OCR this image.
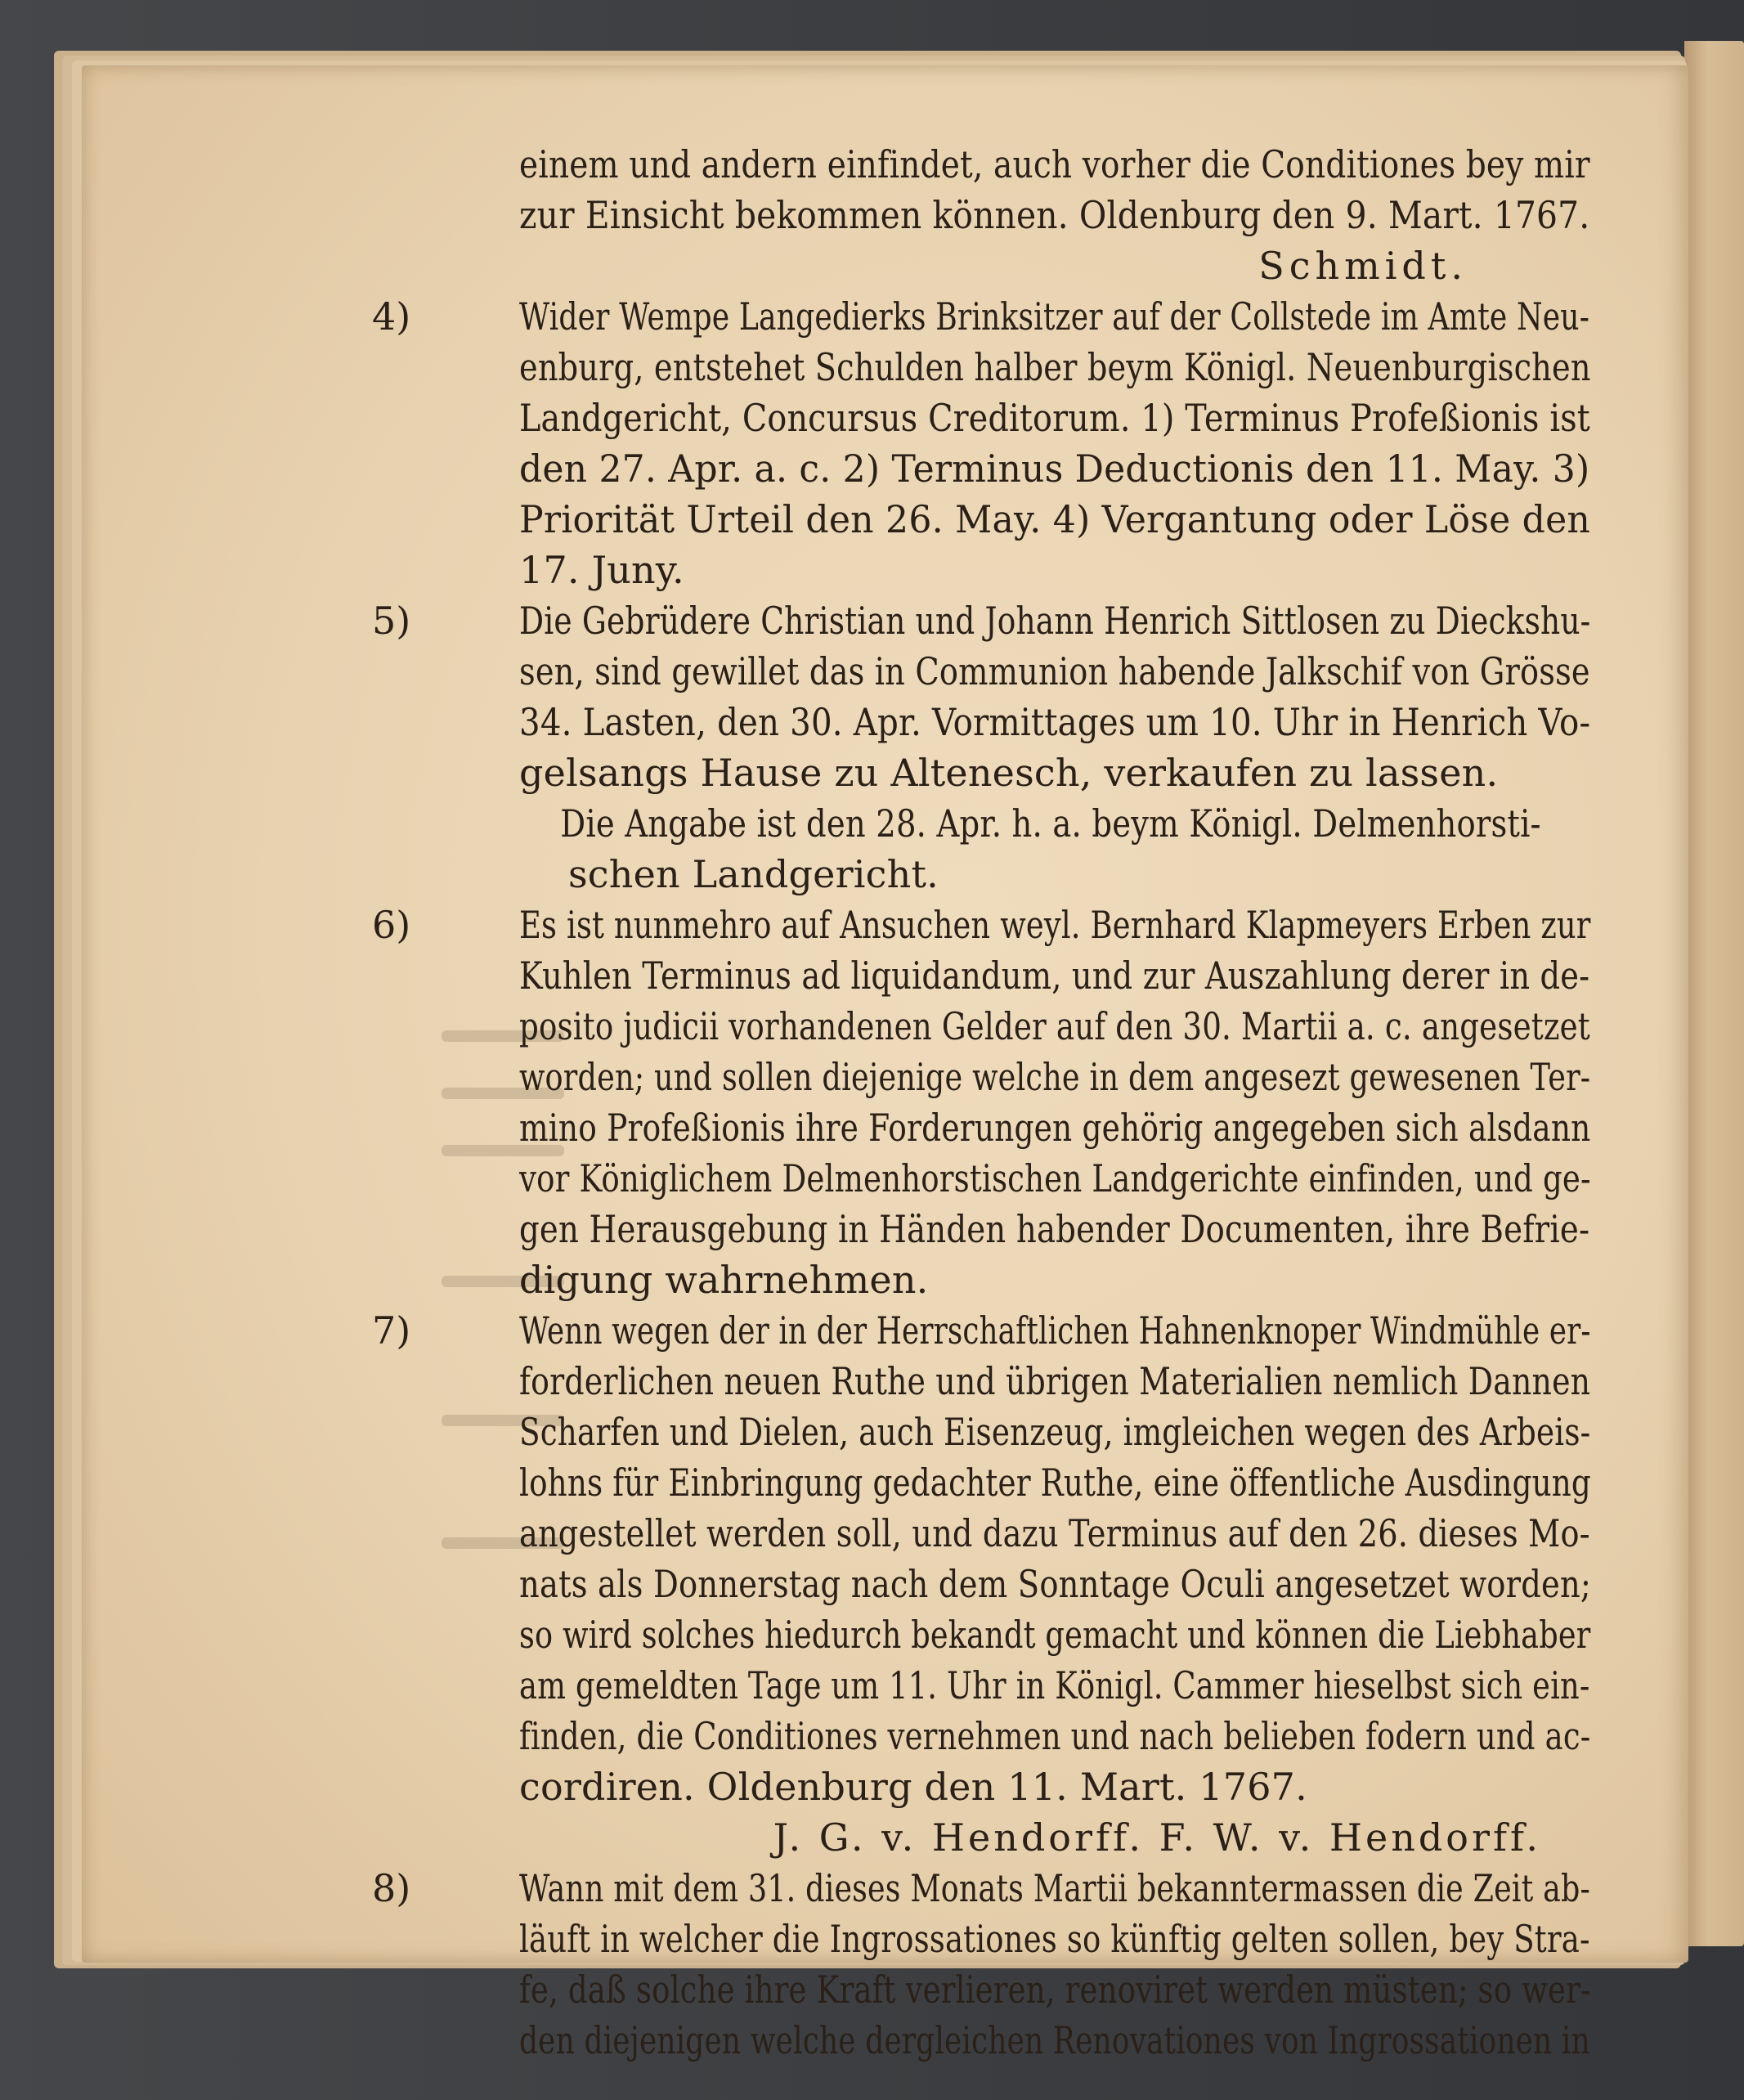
einem und andern einfindet, auch vorher die Conditiones bey mir
zur Einsicht bekommen können. Oldenburg den 9. Mart. 1767.
Schmidt.
4)	Wider Wempe Langedierks Brinksitzer auf der Collstede im Amte Neu-
enburg, entstehet Schulden halber beym Königl. Neuenburgischen
Landgericht, Concursus Creditorum. 1) Terminus Profeßionis ist
den 27. Apr. a. c. 2) Terminus Deductionis den 11. May. 3)
Priorität Urteil den 26. May. 4) Vergantung oder Löse den
17. Juny.
5)	Die Gebrüdere Christian und Johann Henrich Sittlosen zu Dieckshu-
sen, sind gewillet das in Communion habende Jalkschif von Grösse
34. Lasten, den 30. Apr. Vormittages um 10. Uhr in Henrich Vo-
gelsangs Hause zu Altenesch, verkaufen zu lassen.
Die Angabe ist den 28. Apr. h. a. beym Königl. Delmenhorsti-
schen Landgericht.
6)	Es ist nunmehro auf Ansuchen weyl. Bernhard Klapmeyers Erben zur
Kuhlen Terminus ad liquidandum, und zur Auszahlung derer in de-
posito judicii vorhandenen Gelder auf den 30. Martii a. c. angesetzet
worden; und sollen diejenige welche in dem angesezt gewesenen Ter-
mino Profeßionis ihre Forderungen gehörig angegeben sich alsdann
vor Königlichem Delmenhorstischen Landgerichte einfinden, und ge-
gen Herausgebung in Händen habender Documenten, ihre Befrie-
digung wahrnehmen.
7)	Wenn wegen der in der Herrschaftlichen Hahnenknoper Windmühle er-
forderlichen neuen Ruthe und übrigen Materialien nemlich Dannen
Scharfen und Dielen, auch Eisenzeug, imgleichen wegen des Arbeis-
lohns für Einbringung gedachter Ruthe, eine öffentliche Ausdingung
angestellet werden soll, und dazu Terminus auf den 26. dieses Mo-
nats als Donnerstag nach dem Sonntage Oculi angesetzet worden;
so wird solches hiedurch bekandt gemacht und können die Liebhaber
am gemeldten Tage um 11. Uhr in Königl. Cammer hieselbst sich ein-
finden, die Conditiones vernehmen und nach belieben fodern und ac-
cordiren. Oldenburg den 11. Mart. 1767.
J. G. v. Hendorff. F. W. v. Hendorff.
8)	Wann mit dem 31. dieses Monats Martii bekanntermassen die Zeit ab-
läuft in welcher die Ingrossationes so künftig gelten sollen, bey Stra-
fe, daß solche ihre Kraft verlieren, renoviret werden müsten; so wer-
den diejenigen welche dergleichen Renovationes von Ingrossationen in
